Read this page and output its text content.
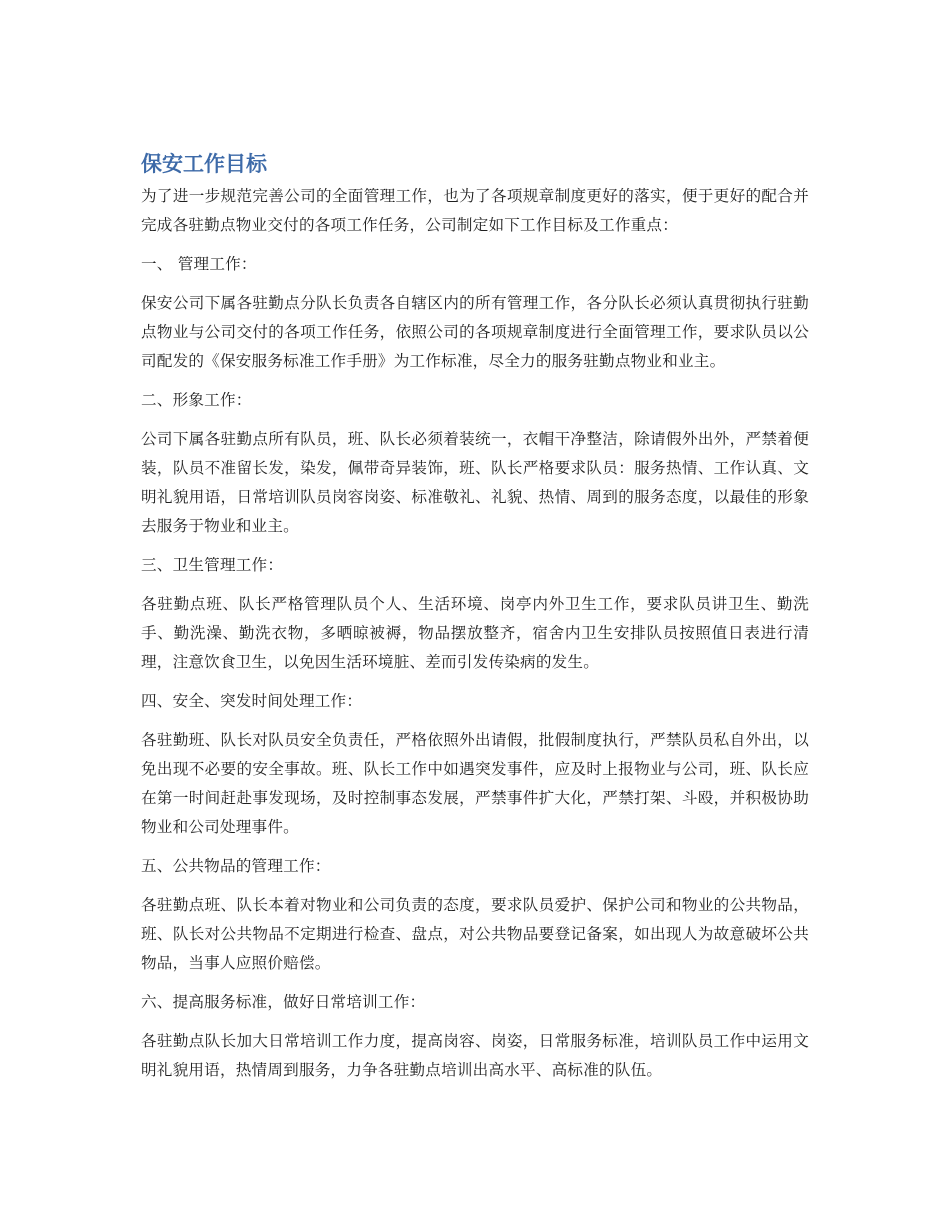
保安工作目标

为了进一步规范完善公司的全面管理工作，也为了各项规章制度更好的落实，便于更好的配合并完成各驻勤点物业交付的各项工作任务，公司制定如下工作目标及工作重点：

一、 管理工作：

保安公司下属各驻勤点分队长负责各自辖区内的所有管理工作，各分队长必须认真贯彻执行驻勤点物业与公司交付的各项工作任务，依照公司的各项规章制度进行全面管理工作，要求队员以公司配发的《保安服务标准工作手册》为工作标准，尽全力的服务驻勤点物业和业主。

二、形象工作：

公司下属各驻勤点所有队员，班、队长必须着装统一，衣帽干净整洁，除请假外出外，严禁着便装，队员不准留长发，染发，佩带奇异装饰，班、队长严格要求队员：服务热情、工作认真、文明礼貌用语，日常培训队员岗容岗姿、标准敬礼、礼貌、热情、周到的服务态度，以最佳的形象去服务于物业和业主。

三、卫生管理工作：

各驻勤点班、队长严格管理队员个人、生活环境、岗亭内外卫生工作，要求队员讲卫生、勤洗手、勤洗澡、勤洗衣物，多晒晾被褥，物品摆放整齐，宿舍内卫生安排队员按照值日表进行清理，注意饮食卫生，以免因生活环境脏、差而引发传染病的发生。

四、安全、突发时间处理工作：

各驻勤班、队长对队员安全负责任，严格依照外出请假，批假制度执行，严禁队员私自外出，以免出现不必要的安全事故。班、队长工作中如遇突发事件，应及时上报物业与公司，班、队长应在第一时间赶赴事发现场，及时控制事态发展，严禁事件扩大化，严禁打架、斗殴，并积极协助物业和公司处理事件。

五、公共物品的管理工作：

各驻勤点班、队长本着对物业和公司负责的态度，要求队员爱护、保护公司和物业的公共物品，班、队长对公共物品不定期进行检查、盘点，对公共物品要登记备案，如出现人为故意破坏公共物品，当事人应照价赔偿。

六、提高服务标准，做好日常培训工作：

各驻勤点队长加大日常培训工作力度，提高岗容、岗姿，日常服务标准，培训队员工作中运用文明礼貌用语，热情周到服务，力争各驻勤点培训出高水平、高标准的队伍。
